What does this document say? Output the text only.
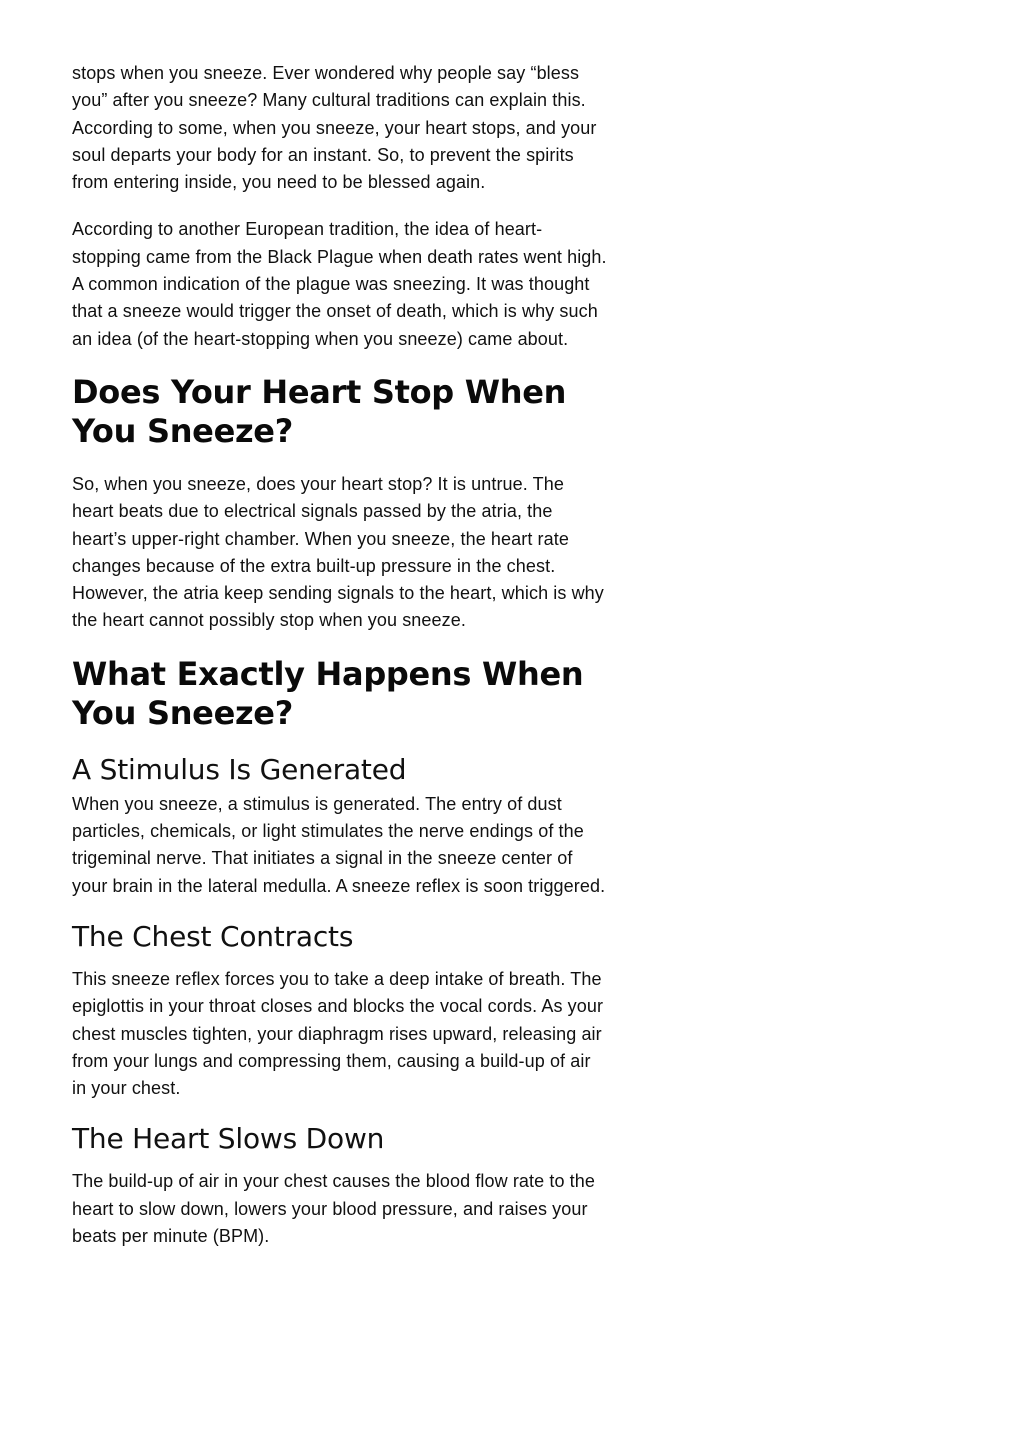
stops when you sneeze. Ever wondered why people say “bless you” after you sneeze? Many cultural traditions can explain this. According to some, when you sneeze, your heart stops, and your soul departs your body for an instant. So, to prevent the spirits from entering inside, you need to be blessed again.

According to another European tradition, the idea of heart-stopping came from the Black Plague when death rates went high. A common indication of the plague was sneezing. It was thought that a sneeze would trigger the onset of death, which is why such an idea (of the heart-stopping when you sneeze) came about.

Does Your Heart Stop When You Sneeze?

So, when you sneeze, does your heart stop? It is untrue. The heart beats due to electrical signals passed by the atria, the heart’s upper-right chamber. When you sneeze, the heart rate changes because of the extra built-up pressure in the chest. However, the atria keep sending signals to the heart, which is why the heart cannot possibly stop when you sneeze.

What Exactly Happens When You Sneeze?
A Stimulus Is Generated

When you sneeze, a stimulus is generated. The entry of dust particles, chemicals, or light stimulates the nerve endings of the trigeminal nerve. That initiates a signal in the sneeze center of your brain in the lateral medulla. A sneeze reflex is soon triggered.

The Chest Contracts

This sneeze reflex forces you to take a deep intake of breath. The epiglottis in your throat closes and blocks the vocal cords. As your chest muscles tighten, your diaphragm rises upward, releasing air from your lungs and compressing them, causing a build-up of air in your chest.

The Heart Slows Down

The build-up of air in your chest causes the blood flow rate to the heart to slow down, lowers your blood pressure, and raises your beats per minute (BPM).
